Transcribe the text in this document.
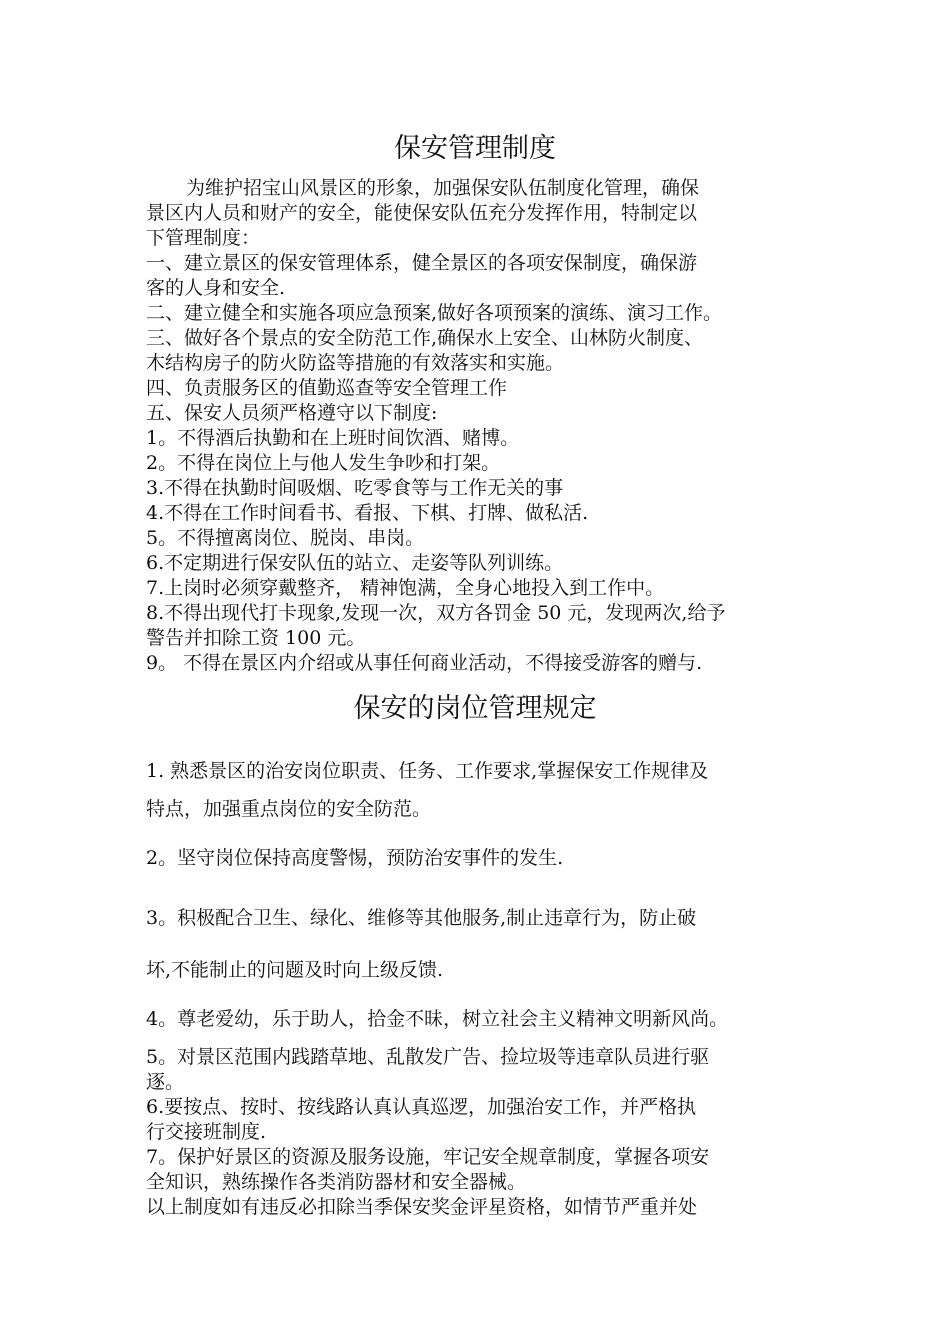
保安管理制度

为维护招宝山风景区的形象，加强保安队伍制度化管理，确保

景区内人员和财产的安全，能使保安队伍充分发挥作用，特制定以

下管理制度：

一、建立景区的保安管理体系，健全景区的各项安保制度，确保游

客的人身和安全.

二、建立健全和实施各项应急预案,做好各项预案的演练、演习工作。

三、做好各个景点的安全防范工作,确保水上安全、山林防火制度、

木结构房子的防火防盗等措施的有效落实和实施。

四、负责服务区的值勤巡查等安全管理工作

五、保安人员须严格遵守以下制度:

1。不得酒后执勤和在上班时间饮酒、赌博。

2。不得在岗位上与他人发生争吵和打架。

3.不得在执勤时间吸烟、吃零食等与工作无关的事

4.不得在工作时间看书、看报、下棋、打牌、做私活.

5。不得擅离岗位、脱岗、串岗。

6.不定期进行保安队伍的站立、走姿等队列训练。

7.上岗时必须穿戴整齐， 精神饱满，全身心地投入到工作中。

8.不得出现代打卡现象,发现一次，双方各罚金 50 元，发现两次,给予

警告并扣除工资 100 元。

9。 不得在景区内介绍或从事任何商业活动，不得接受游客的赠与.

保安的岗位管理规定

1. 熟悉景区的治安岗位职责、任务、工作要求,掌握保安工作规律及

特点，加强重点岗位的安全防范。

2。坚守岗位保持高度警惕，预防治安事件的发生.

3。积极配合卫生、绿化、维修等其他服务,制止违章行为，防止破

坏,不能制止的问题及时向上级反馈.

4。尊老爱幼，乐于助人，拾金不昧，树立社会主义精神文明新风尚。

5。对景区范围内践踏草地、乱散发广告、捡垃圾等违章队员进行驱

逐。

6.要按点、按时、按线路认真认真巡逻，加强治安工作，并严格执

行交接班制度.

7。保护好景区的资源及服务设施，牢记安全规章制度，掌握各项安

全知识，熟练操作各类消防器材和安全器械。

以上制度如有违反必扣除当季保安奖金评星资格，如情节严重并处
